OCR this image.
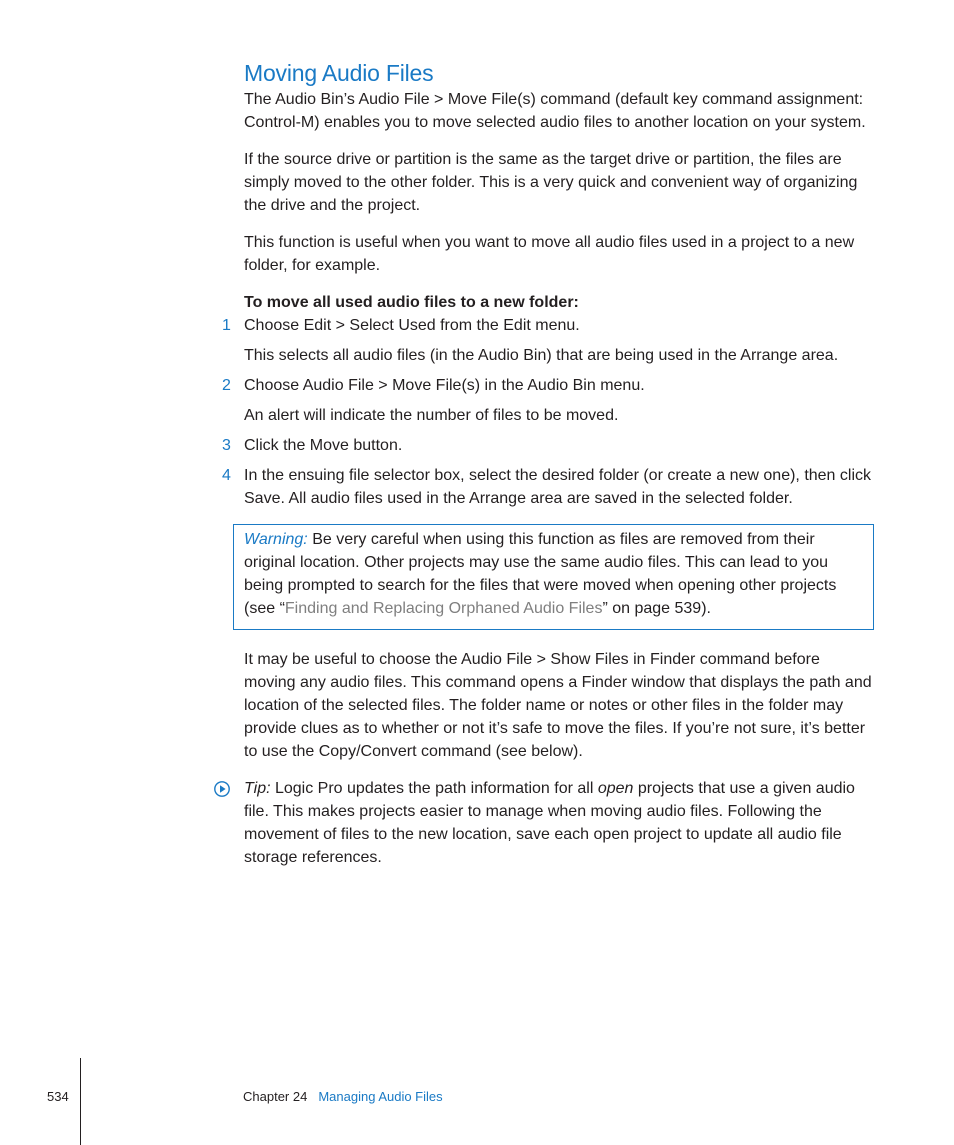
Moving Audio Files

The Audio Bin’s Audio File > Move File(s) command (default key command assignment: Control-M) enables you to move selected audio files to another location on your system.

If the source drive or partition is the same as the target drive or partition, the files are simply moved to the other folder. This is a very quick and convenient way of organizing the drive and the project.

This function is useful when you want to move all audio files used in a project to a new folder, for example.

To move all used audio files to a new folder:

1 Choose Edit > Select Used from the Edit menu.

This selects all audio files (in the Audio Bin) that are being used in the Arrange area.

2 Choose Audio File > Move File(s) in the Audio Bin menu.

An alert will indicate the number of files to be moved.

3 Click the Move button.
4 In the ensuing file selector box, select the desired folder (or create a new one), then click Save. All audio files used in the Arrange area are saved in the selected folder.
Warning: Be very careful when using this function as files are removed from their original location. Other projects may use the same audio files. This can lead to you being prompted to search for the files that were moved when opening other projects (see “Finding and Replacing Orphaned Audio Files” on page 539).

It may be useful to choose the Audio File > Show Files in Finder command before moving any audio files. This command opens a Finder window that displays the path and location of the selected files. The folder name or notes or other files in the folder may provide clues as to whether or not it’s safe to move the files. If you’re not sure, it’s better to use the Copy/Convert command (see below).

Tip: Logic Pro updates the path information for all open projects that use a given audio file. This makes projects easier to manage when moving audio files. Following the movement of files to the new location, save each open project to update all audio file storage references.
534	Chapter 24 Managing Audio Files
